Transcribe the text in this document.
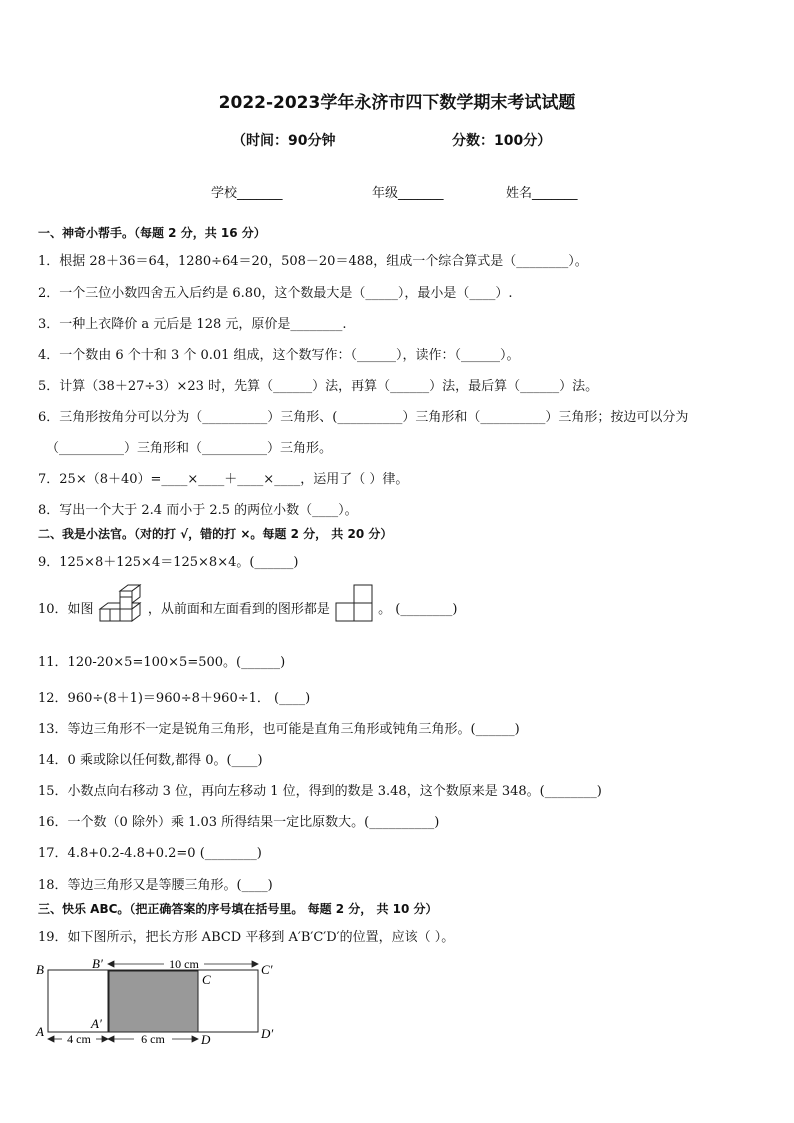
2022-2023学年永济市四下数学期末考试试题
（时间：90分钟	分数：100分）
学校_______	年级_______	姓名_______
一、神奇小帮手。（每题 2 分，共 16 分）
1．根据 28＋36＝64，1280÷64＝20，508－20＝488，组成一个综合算式是（________）。
2．一个三位小数四舍五入后约是 6.80，这个数最大是（_____），最小是（____）.
3．一种上衣降价 a 元后是 128 元，原价是________.
4．一个数由 6 个十和 3 个 0.01 组成，这个数写作：（______），读作：（______）。
5．计算（38＋27÷3）×23 时，先算（______）法，再算（______）法，最后算（______）法。
6．三角形按角分可以分为（__________）三角形、(__________）三角形和（__________）三角形；按边可以分为
（__________）三角形和（__________）三角形。
7．25×（8＋40）=____×____＋____×____，运用了（ ）律。
8．写出一个大于 2.4 而小于 2.5 的两位小数（____）。
二、我是小法官。（对的打 √，错的打 ×。每题 2 分， 共 20 分）
9．125×8＋125×4＝125×8×4。(______)
10．如图	，从前面和左面看到的图形都是	。 (________)
11．120-20×5=100×5=500。(______)
12．960÷(8＋1)＝960÷8＋960÷1． (____)
13．等边三角形不一定是锐角三角形，也可能是直角三角形或钝角三角形。(______)
14．0 乘或除以任何数,都得 0。(____)
15．小数点向右移动 3 位，再向左移动 1 位，得到的数是 3.48，这个数原来是 348。(________)
16．一个数（0 除外）乘 1.03 所得结果一定比原数大。(__________)
17．4.8+0.2-4.8+0.2=0 (________)
18．等边三角形又是等腰三角形。(____)
三、快乐 ABC。（把正确答案的序号填在括号里。 每题 2 分， 共 10 分）
19．如下图所示，把长方形 ABCD 平移到 A′B′C′D′的位置，应该（ ）。
10 cm
4 cm	6 cm
B	B′
C
C′
A
A′
D	D′
